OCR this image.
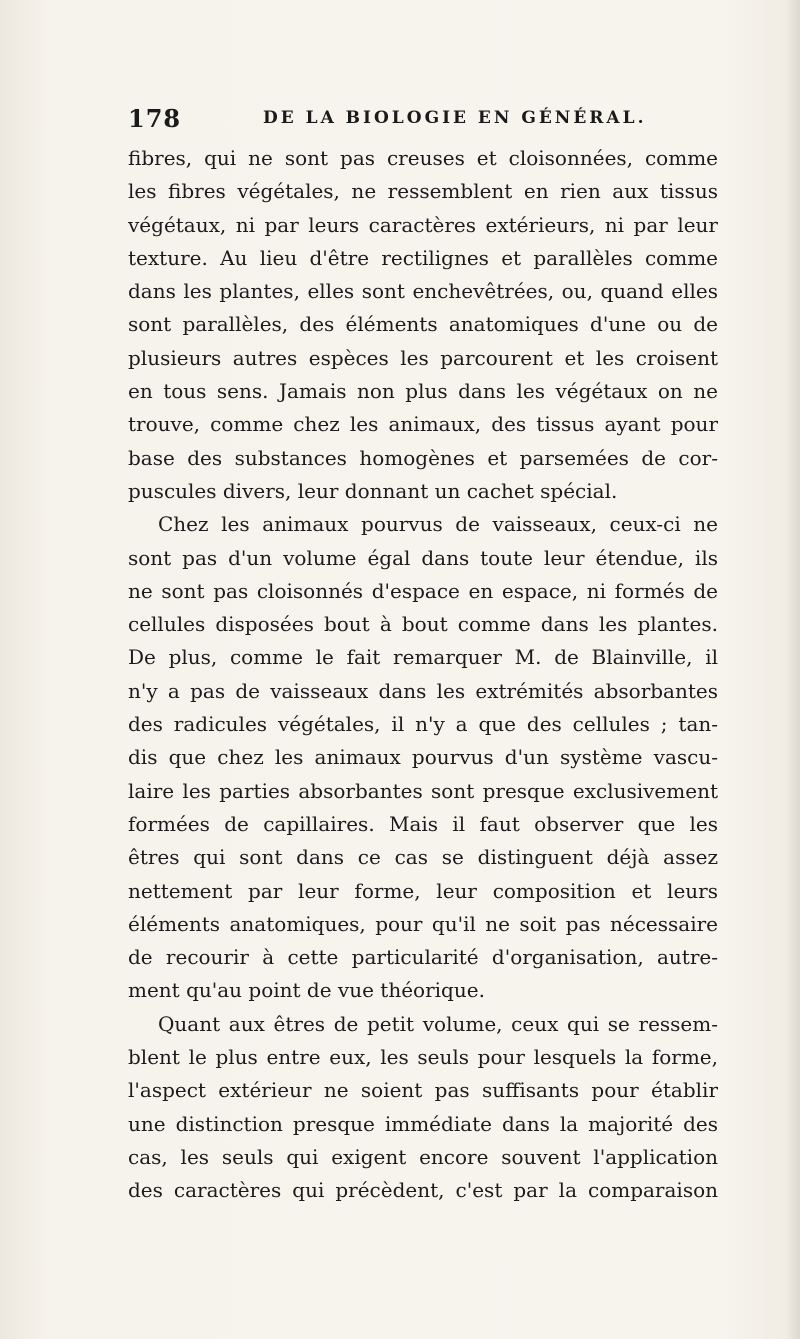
178	DE LA BIOLOGIE EN GÉNÉRAL.
fibres, qui ne sont pas creuses et cloisonnées, comme
les fibres végétales, ne ressemblent en rien aux tissus
végétaux, ni par leurs caractères extérieurs, ni par leur
texture. Au lieu d'être rectilignes et parallèles comme
dans les plantes, elles sont enchevêtrées, ou, quand elles
sont parallèles, des éléments anatomiques d'une ou de
plusieurs autres espèces les parcourent et les croisent
en tous sens. Jamais non plus dans les végétaux on ne
trouve, comme chez les animaux, des tissus ayant pour
base des substances homogènes et parsemées de cor-
puscules divers, leur donnant un cachet spécial.
Chez les animaux pourvus de vaisseaux, ceux-ci ne
sont pas d'un volume égal dans toute leur étendue, ils
ne sont pas cloisonnés d'espace en espace, ni formés de
cellules disposées bout à bout comme dans les plantes.
De plus, comme le fait remarquer M. de Blainville, il
n'y a pas de vaisseaux dans les extrémités absorbantes
des radicules végétales, il n'y a que des cellules ; tan-
dis que chez les animaux pourvus d'un système vascu-
laire les parties absorbantes sont presque exclusivement
formées de capillaires. Mais il faut observer que les
êtres qui sont dans ce cas se distinguent déjà assez
nettement par leur forme, leur composition et leurs
éléments anatomiques, pour qu'il ne soit pas nécessaire
de recourir à cette particularité d'organisation, autre-
ment qu'au point de vue théorique.
Quant aux êtres de petit volume, ceux qui se ressem-
blent le plus entre eux, les seuls pour lesquels la forme,
l'aspect extérieur ne soient pas suffisants pour établir
une distinction presque immédiate dans la majorité des
cas, les seuls qui exigent encore souvent l'application
des caractères qui précèdent, c'est par la comparaison
